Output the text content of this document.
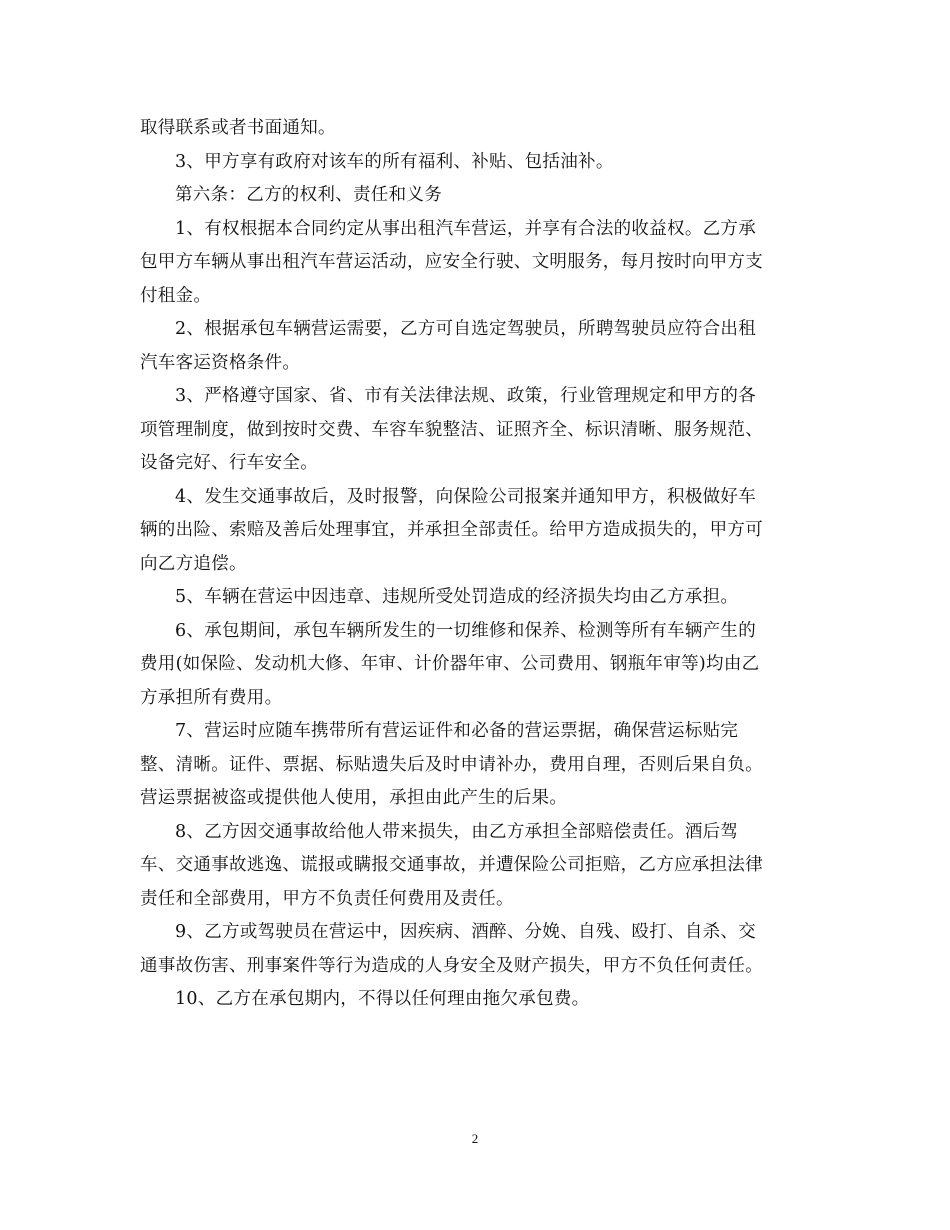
取得联系或者书面通知。
3、甲方享有政府对该车的所有福利、补贴、包括油补。
第六条：乙方的权利、责任和义务
1、有权根据本合同约定从事出租汽车营运，并享有合法的收益权。乙方承
包甲方车辆从事出租汽车营运活动，应安全行驶、文明服务，每月按时向甲方支
付租金。
2、根据承包车辆营运需要，乙方可自选定驾驶员，所聘驾驶员应符合出租
汽车客运资格条件。
3、严格遵守国家、省、市有关法律法规、政策，行业管理规定和甲方的各
项管理制度，做到按时交费、车容车貌整洁、证照齐全、标识清晰、服务规范、
设备完好、行车安全。
4、发生交通事故后，及时报警，向保险公司报案并通知甲方，积极做好车
辆的出险、索赔及善后处理事宜，并承担全部责任。给甲方造成损失的，甲方可
向乙方追偿。
5、车辆在营运中因违章、违规所受处罚造成的经济损失均由乙方承担。
6、承包期间，承包车辆所发生的一切维修和保养、检测等所有车辆产生的
费用(如保险、发动机大修、年审、计价器年审、公司费用、钢瓶年审等)均由乙
方承担所有费用。
7、营运时应随车携带所有营运证件和必备的营运票据，确保营运标贴完
整、清晰。证件、票据、标贴遗失后及时申请补办，费用自理，否则后果自负。
营运票据被盗或提供他人使用，承担由此产生的后果。
8、乙方因交通事故给他人带来损失，由乙方承担全部赔偿责任。酒后驾
车、交通事故逃逸、谎报或瞒报交通事故，并遭保险公司拒赔，乙方应承担法律
责任和全部费用，甲方不负责任何费用及责任。
9、乙方或驾驶员在营运中，因疾病、酒醉、分娩、自残、殴打、自杀、交
通事故伤害、刑事案件等行为造成的人身安全及财产损失，甲方不负任何责任。
10、乙方在承包期内，不得以任何理由拖欠承包费。
2
